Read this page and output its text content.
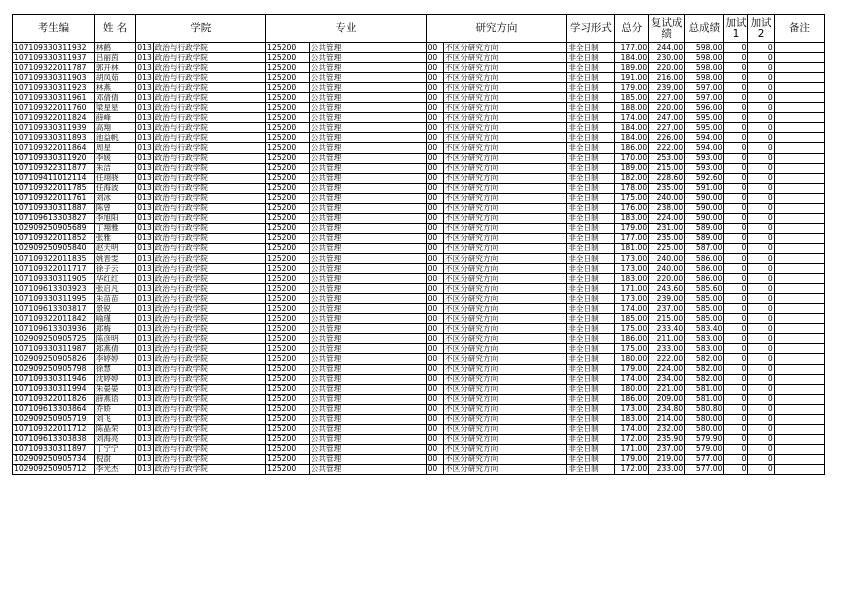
考生编	姓 名	学院		专业		研究方向		学习形式	总分	复试成绩	总成绩	加试1	加试2	备注
107109330311932	林鹤	013	政治与行政学院	125200	公共管理	00	不区分研究方向	非全日制	177.00	244.00	598.00	0	0	
107109330311937	吕丽茵	013	政治与行政学院	125200	公共管理	00	不区分研究方向	非全日制	184.00	230.00	598.00	0	0	
107109322011787	郭开林	013	政治与行政学院	125200	公共管理	00	不区分研究方向	非全日制	189.00	220.00	598.00	0	0	
107109330311903	胡凤茹	013	政治与行政学院	125200	公共管理	00	不区分研究方向	非全日制	191.00	216.00	598.00	0	0	
107109330311923	林燕	013	政治与行政学院	125200	公共管理	00	不区分研究方向	非全日制	179.00	239.00	597.00	0	0	
107109330311961	邓倩倩	013	政治与行政学院	125200	公共管理	00	不区分研究方向	非全日制	185.00	227.00	597.00	0	0	
107109322011760	梁星星	013	政治与行政学院	125200	公共管理	00	不区分研究方向	非全日制	188.00	220.00	596.00	0	0	
107109322011824	薛峰	013	政治与行政学院	125200	公共管理	00	不区分研究方向	非全日制	174.00	247.00	595.00	0	0	
107109330311939	高翔	013	政治与行政学院	125200	公共管理	00	不区分研究方向	非全日制	184.00	227.00	595.00	0	0	
107109330311893	池益帆	013	政治与行政学院	125200	公共管理	00	不区分研究方向	非全日制	184.00	226.00	594.00	0	0	
107109322011864	周星	013	政治与行政学院	125200	公共管理	00	不区分研究方向	非全日制	186.00	222.00	594.00	0	0	
107109330311920	李媛	013	政治与行政学院	125200	公共管理	00	不区分研究方向	非全日制	170.00	253.00	593.00	0	0	
107109322311877	朱洁	013	政治与行政学院	125200	公共管理	00	不区分研究方向	非全日制	189.00	215.00	593.00	0	0	
107109411012114	任翊骁	013	政治与行政学院	125200	公共管理	00	不区分研究方向	非全日制	182.00	228.60	592.60	0	0	
107109322011785	任海波	013	政治与行政学院	125200	公共管理	00	不区分研究方向	非全日制	178.00	235.00	591.00	0	0	
107109322011761	刘冰	013	政治与行政学院	125200	公共管理	00	不区分研究方向	非全日制	175.00	240.00	590.00	0	0	
107109330311887	陈曾	013	政治与行政学院	125200	公共管理	00	不区分研究方向	非全日制	176.00	238.00	590.00	0	0	
107109613303827	李旭阳	013	政治与行政学院	125200	公共管理	00	不区分研究方向	非全日制	183.00	224.00	590.00	0	0	
102909250905689	丁翔雅	013	政治与行政学院	125200	公共管理	00	不区分研究方向	非全日制	179.00	231.00	589.00	0	0	
107109322011852	张雅	013	政治与行政学院	125200	公共管理	00	不区分研究方向	非全日制	177.00	235.00	589.00	0	0	
102909250905840	赵天明	013	政治与行政学院	125200	公共管理	00	不区分研究方向	非全日制	181.00	225.00	587.00	0	0	
107109322011835	姚晋雯	013	政治与行政学院	125200	公共管理	00	不区分研究方向	非全日制	173.00	240.00	586.00	0	0	
107109322011717	徐子云	013	政治与行政学院	125200	公共管理	00	不区分研究方向	非全日制	173.00	240.00	586.00	0	0	
107109330311905	华红红	013	政治与行政学院	125200	公共管理	00	不区分研究方向	非全日制	183.00	220.00	586.00	0	0	
107109613303923	张启凡	013	政治与行政学院	125200	公共管理	00	不区分研究方向	非全日制	171.00	243.60	585.60	0	0	
107109330311995	朱苗苗	013	政治与行政学院	125200	公共管理	00	不区分研究方向	非全日制	173.00	239.00	585.00	0	0	
107109613303817	景锐	013	政治与行政学院	125200	公共管理	00	不区分研究方向	非全日制	174.00	237.00	585.00	0	0	
107109322011842	喻瑾	013	政治与行政学院	125200	公共管理	00	不区分研究方向	非全日制	185.00	215.00	585.00	0	0	
107109613303936	郑梅	013	政治与行政学院	125200	公共管理	00	不区分研究方向	非全日制	175.00	233.40	583.40	0	0	
102909250905725	陈彦明	013	政治与行政学院	125200	公共管理	00	不区分研究方向	非全日制	186.00	211.00	583.00	0	0	
107109330311987	郑燕倩	013	政治与行政学院	125200	公共管理	00	不区分研究方向	非全日制	175.00	233.00	583.00	0	0	
102909250905826	李婷婷	013	政治与行政学院	125200	公共管理	00	不区分研究方向	非全日制	180.00	222.00	582.00	0	0	
102909250905798	徐慧	013	政治与行政学院	125200	公共管理	00	不区分研究方向	非全日制	179.00	224.00	582.00	0	0	
107109330311946	沈婷婷	013	政治与行政学院	125200	公共管理	00	不区分研究方向	非全日制	174.00	234.00	582.00	0	0	
107109330311994	朱晏晏	013	政治与行政学院	125200	公共管理	00	不区分研究方向	非全日制	180.00	221.00	581.00	0	0	
107109322011826	薛燕语	013	政治与行政学院	125200	公共管理	00	不区分研究方向	非全日制	186.00	209.00	581.00	0	0	
107109613303864	乔娇	013	政治与行政学院	125200	公共管理	00	不区分研究方向	非全日制	173.00	234.80	580.80	0	0	
102909250905719	刘飞	013	政治与行政学院	125200	公共管理	00	不区分研究方向	非全日制	183.00	214.00	580.00	0	0	
107109322011712	陈晶荣	013	政治与行政学院	125200	公共管理	00	不区分研究方向	非全日制	174.00	232.00	580.00	0	0	
107109613303838	刘海亮	013	政治与行政学院	125200	公共管理	00	不区分研究方向	非全日制	172.00	235.90	579.90	0	0	
107109330311897	丁宁宁	013	政治与行政学院	125200	公共管理	00	不区分研究方向	非全日制	171.00	237.00	579.00	0	0	
102909250905734	倪澍	013	政治与行政学院	125200	公共管理	00	不区分研究方向	非全日制	179.00	219.00	577.00	0	0	
102909250905712	李光杰	013	政治与行政学院	125200	公共管理	00	不区分研究方向	非全日制	172.00	233.00	577.00	0	0	
